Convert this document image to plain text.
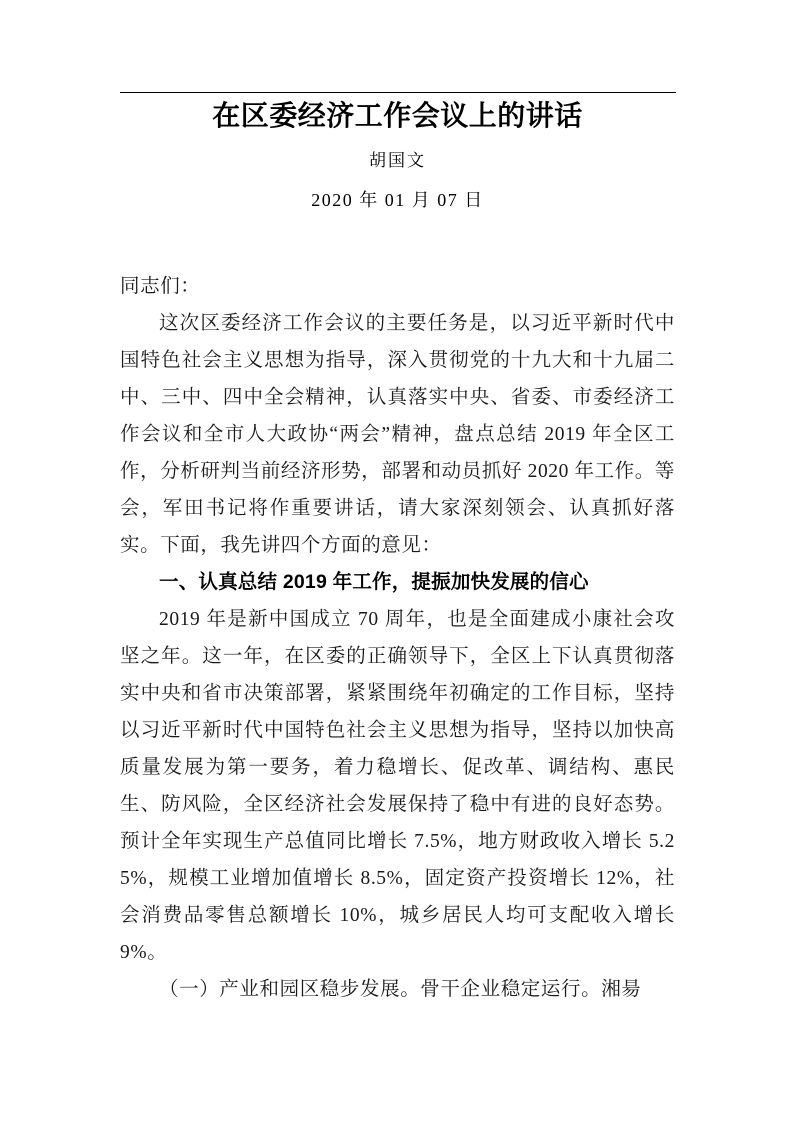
在区委经济工作会议上的讲话
胡国文
2020 年 01 月 07 日

同志们：

这次区委经济工作会议的主要任务是，以习近平新时代中国特色社会主义思想为指导，深入贯彻党的十九大和十九届二中、三中、四中全会精神，认真落实中央、省委、市委经济工作会议和全市人大政协“两会”精神，盘点总结 2019 年全区工作，分析研判当前经济形势，部署和动员抓好 2020 年工作。等会，军田书记将作重要讲话，请大家深刻领会、认真抓好落实。下面，我先讲四个方面的意见：

一、认真总结 2019 年工作，提振加快发展的信心

2019 年是新中国成立 70 周年，也是全面建成小康社会攻坚之年。这一年，在区委的正确领导下，全区上下认真贯彻落实中央和省市决策部署，紧紧围绕年初确定的工作目标，坚持以习近平新时代中国特色社会主义思想为指导，坚持以加快高质量发展为第一要务，着力稳增长、促改革、调结构、惠民生、防风险，全区经济社会发展保持了稳中有进的良好态势。预计全年实现生产总值同比增长 7.5%，地方财政收入增长 5.25%，规模工业增加值增长 8.5%，固定资产投资增长 12%，社会消费品零售总额增长 10%，城乡居民人均可支配收入增长 9%。

（一）产业和园区稳步发展。骨干企业稳定运行。湘昜
